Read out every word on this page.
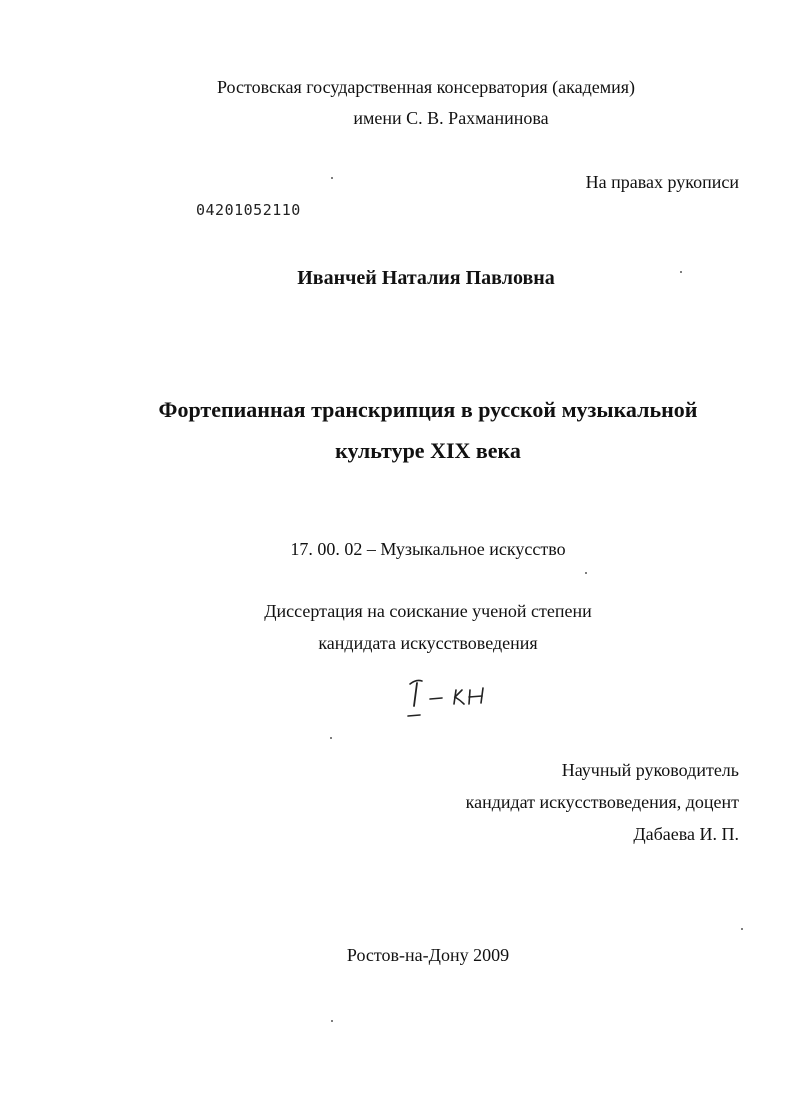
Ростовская государственная консерватория (академия)
имени С. В. Рахманинова
На правах рукописи
04201052110
Иванчей Наталия Павловна
Фортепианная транскрипция в русской музыкальной
культуре XIX века
17. 00. 02 – Музыкальное искусство
Диссертация на соискание ученой степени
кандидата искусствоведения
Научный руководитель
кандидат искусствоведения, доцент
Дабаева И. П.
Ростов-на-Дону 2009
